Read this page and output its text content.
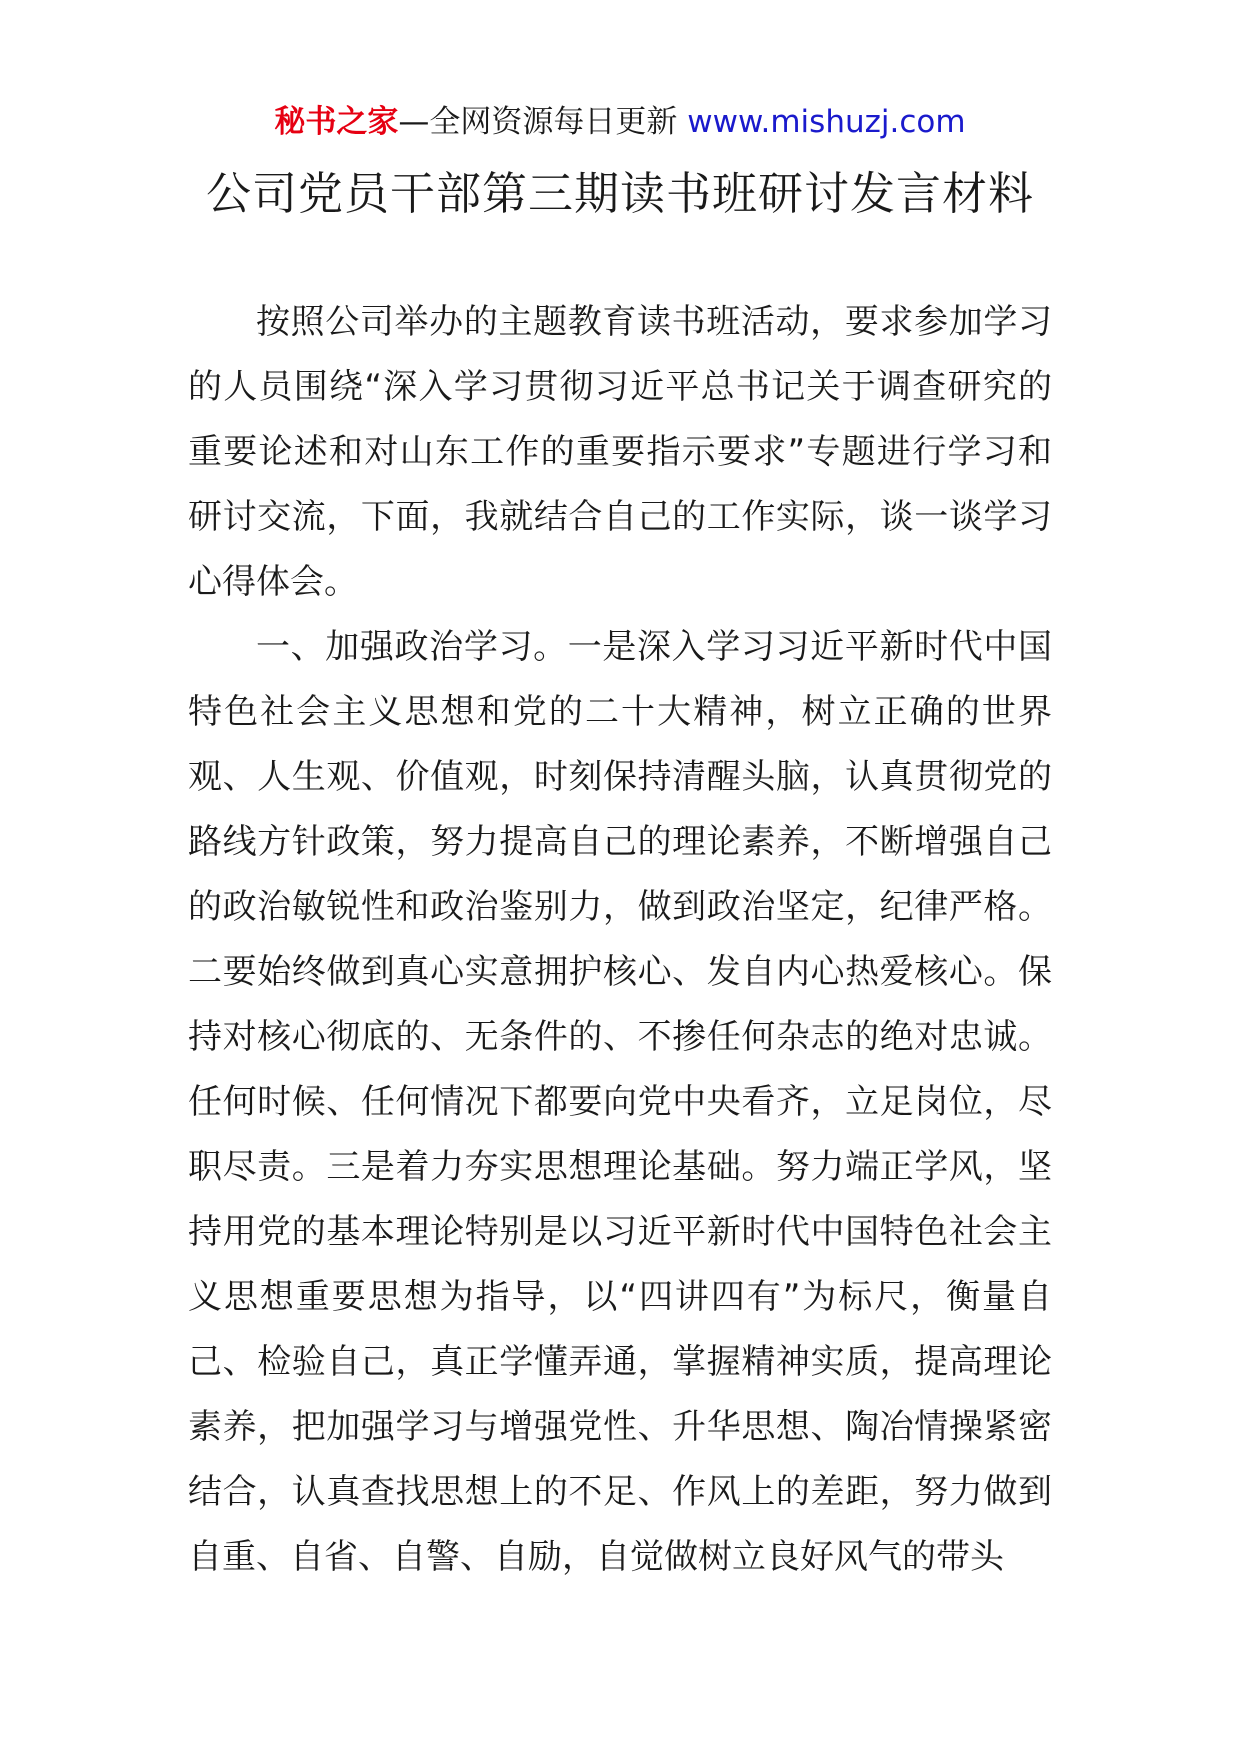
秘书之家—全网资源每日更新 www.mishuzj.com
公司党员干部第三期读书班研讨发言材料

按照公司举办的主题教育读书班活动，要求参加学习的人员围绕“深入学习贯彻习近平总书记关于调查研究的重要论述和对山东工作的重要指示要求”专题进行学习和研讨交流，下面，我就结合自己的工作实际，谈一谈学习心得体会。

一、加强政治学习。一是深入学习习近平新时代中国特色社会主义思想和党的二十大精神，树立正确的世界观、人生观、价值观，时刻保持清醒头脑，认真贯彻党的路线方针政策，努力提高自己的理论素养，不断增强自己的政治敏锐性和政治鉴别力，做到政治坚定，纪律严格。二要始终做到真心实意拥护核心、发自内心热爱核心。保持对核心彻底的、无条件的、不掺任何杂志的绝对忠诚。任何时候、任何情况下都要向党中央看齐，立足岗位，尽职尽责。三是着力夯实思想理论基础。努力端正学风，坚持用党的基本理论特别是以习近平新时代中国特色社会主义思想重要思想为指导，以“四讲四有”为标尺，衡量自己、检验自己，真正学懂弄通，掌握精神实质，提高理论素养，把加强学习与增强党性、升华思想、陶冶情操紧密结合，认真查找思想上的不足、作风上的差距，努力做到自重、自省、自警、自励，自觉做树立良好风气的带头
